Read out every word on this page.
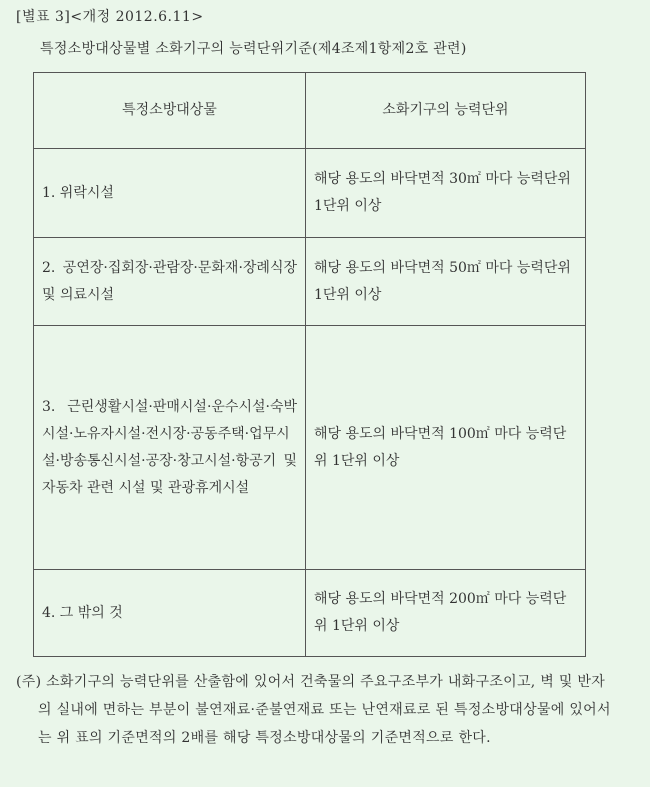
[별표 3]<개정 2012.6.11>
특정소방대상물별 소화기구의 능력단위기준(제4조제1항제2호 관련)
특정소방대상물	소화기구의 능력단위
1. 위락시설	해당 용도의 바닥면적 30㎡ 마다 능력단위 1단위 이상
2. 공연장·집회장·관람장·문화재·장례식장 및 의료시설	해당 용도의 바닥면적 50㎡ 마다 능력단위 1단위 이상
3. 근린생활시설·판매시설·운수시설·숙박시설·노유자시설·전시장·공동주택·업무시설·방송통신시설·공장·창고시설·항공기 및 자동차 관련 시설 및 관광휴게시설	해당 용도의 바닥면적 100㎡ 마다 능력단위 1단위 이상
4. 그 밖의 것	해당 용도의 바닥면적 200㎡ 마다 능력단위 1단위 이상
(주) 소화기구의 능력단위를 산출함에 있어서 건축물의 주요구조부가 내화구조이고, 벽 및 반자의 실내에 면하는 부분이 불연재료·준불연재료 또는 난연재료로 된 특정소방대상물에 있어서는 위 표의 기준면적의 2배를 해당 특정소방대상물의 기준면적으로 한다.
